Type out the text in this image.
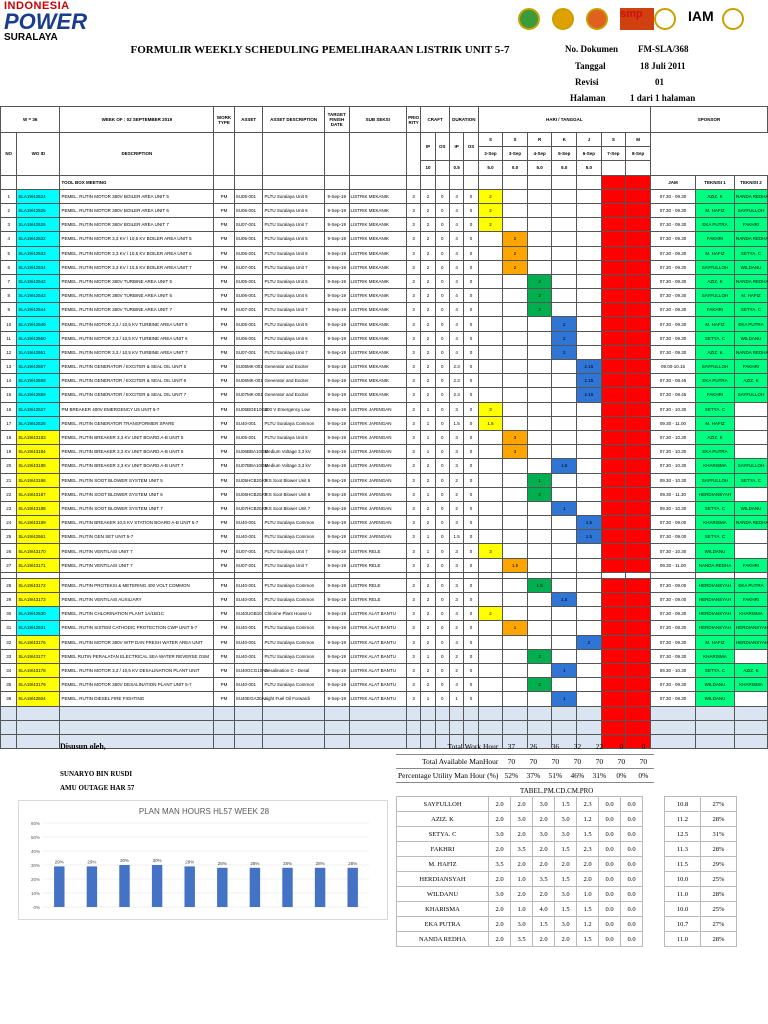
INDONESIA
POWER
SURALAYA
smp	IAM
FORMULIR WEEKLY SCHEDULING PEMELIHARAAN LISTRIK UNIT 5-7	No. Dokumen FM-SLA/368
Tanggal	18 Juli 2011
Revisi	01
Halaman	1 dari 1 halaman
W = 36		WEEK OF : 02 SEPTEMBER 2019	WORK TYPE	ASSET	ASSET DESCRIPTION	TARGET FINISH DATE	SUB SEKSI	PRIO RITY	CRAFT		DURATION		HARI / TANGGAL							SPONSOR		
NO	WO ID	DESCRIPTION							IP	OS	IP	OS	S	S	R	K	J	S	M			
													2-Sep	3-Sep	4-Sep	5-Sep	6-Sep	7-Sep	8-Sep			
									10		0.5		5.0	0.0	5.0	5.0	5.0					
		TOOL BOX MEETING																		JAM	TEKNISI 1	TEKNISI 2
1	SLA19/42524	PEMEL. RUTIN MOTOR 380V BOILER AREA UNIT 5	PM	SU05-001	PLTU Suralaya Unit 5	9-Sep-19	LISTRIK MEKANIK	3	2	0	4	0	2							07.30 - 09.30	AZIZ. K	NANDA REDHA
2	SLA19/42525	PEMEL. RUTIN MOTOR 380V BOILER AREA UNIT 6	PM	SU06-001	PLTU Suralaya Unit 6	9-Sep-19	LISTRIK MEKANIK	3	2	0	4	0	2							07.30 - 09.30	M. HAFIZ	SAYFULLOH
3	SLA19/42526	PEMEL. RUTIN MOTOR 380V BOILER AREA UNIT 7	PM	SU07-001	PLTU Suralaya Unit 7	9-Sep-19	LISTRIK MEKANIK	3	2	0	4	0	2							07.30 - 09.30	EKA PUTRA	FAKHRI
4	SLA19/42532	PEMEL. RUTIN MOTOR 3,3 KV / 10,5 KV BOILER AREA UNIT 5	PM	SU05-001	PLTU Suralaya Unit 5	9-Sep-19	LISTRIK MEKANIK	3	2	0	4	0		2						07.30 - 09.30	FAKHRI	NANDA REDHA
5	SLA19/42533	PEMEL. RUTIN MOTOR 3,3 KV / 10,5 KV BOILER AREA UNIT 6	PM	SU06-001	PLTU Suralaya Unit 6	9-Sep-19	LISTRIK MEKANIK	3	2	0	4	0		2						07.30 - 09.30	M. HAFIZ	SETYA. C
6	SLA19/42534	PEMEL. RUTIN MOTOR 3,3 KV / 10,5 KV BOILER AREA UNIT 7	PM	SU07-001	PLTU Suralaya Unit 7	9-Sep-19	LISTRIK MEKANIK	3	2	0	4	0		2						07.30 - 09.30	SAYFULLOH	WILDANU
7	SLA19/42542	PEMEL. RUTIN MOTOR 380V TURBINE AREA UNIT 5	PM	SU05-001	PLTU Suralaya Unit 5	9-Sep-19	LISTRIK MEKANIK	3	2	0	4	0			2					07.30 - 09.30	AZIZ. K	NANDA REDHA
8	SLA19/42543	PEMEL. RUTIN MOTOR 380V TURBINE AREA UNIT 6	PM	SU06-001	PLTU Suralaya Unit 6	9-Sep-19	LISTRIK MEKANIK	3	2	0	4	0			2					07.30 - 09.30	SAYFULLOH	M. HAFIZ
9	SLA19/42544	PEMEL. RUTIN MOTOR 380V TURBINE AREA UNIT 7	PM	SU07-001	PLTU Suralaya Unit 7	9-Sep-19	LISTRIK MEKANIK	3	2	0	4	0			2					07.30 - 09.30	FAKHRI	SETYA. C
10	SLA19/42549	PEMEL. RUTIN MOTOR 3,3 / 10,5 KV TURBINE AREA UNIT 5	PM	SU05-001	PLTU Suralaya Unit 5	9-Sep-19	LISTRIK MEKANIK	3	2	0	4	0				2				07.30 - 09.30	M. HAFIZ	EKA PUTRA
11	SLA19/42550	PEMEL. RUTIN MOTOR 3,3 / 10,5 KV TURBINE AREA UNIT 6	PM	SU06-001	PLTU Suralaya Unit 6	9-Sep-19	LISTRIK MEKANIK	3	2	0	4	0				2				07.30 - 09.30	SETYA. C	WILDANU
12	SLA19/42551	PEMEL. RUTIN MOTOR 3,3 / 10,5 KV TURBINE AREA UNIT 7	PM	SU07-001	PLTU Suralaya Unit 7	9-Sep-19	LISTRIK MEKANIK	3	2	0	4	0				2				07.30 - 09.30	AZIZ. K	NANDA REDHA
13	SLA19/42557	PEMEL. RUTIN GENERATOR / EXCITER & SEAL OIL UNIT 5	PM	SU05MK-001	Generator and Exciter	9-Sep-19	LISTRIK MEKANIK	3	2	0	2.3	0					2.15			09.00-10.15	SAYFULLOH	FAKHRI
14	SLA19/42558	PEMEL. RUTIN GENERATOR / EXCITER & SEAL OIL UNIT 6	PM	SU06MK-001	Generator and Exciter	9-Sep-19	LISTRIK MEKANIK	3	2	0	2.3	0					2.15			07.30 - 08.45	EKA PUTRA	AZIZ. K
15	SLA19/42559	PEMEL. RUTIN GENERATOR / EXCITER & SEAL OIL UNIT 7	PM	SU07MK-001	Generator and Exciter	9-Sep-19	LISTRIK MEKANIK	3	2	0	2.3	0					2.15			07.30 - 08.45	FAKHRI	SAYFULLOH
16	SLA19/42527	PM BREAKER 400V EMERGENCY U5 UNIT 5-7	PM	SU05BGE10GE	400 V Emergency Low	9-Sep-19	LISTRIK JARINGAN	3	1	0	3	0	3							07.30 - 10.30	SETYA. C	
17	SLA19/42528	PEMEL. RUTIN GENERATOR TRANSFORMER SPARE	PM	SU40-001	PLTU Suralaya Common	9-Sep-19	LISTRIK JARINGAN	3	1	0	1.5	0	1.5							09.30 - 11.00	M. HAFIZ	
18	SLA19/43183	PEMEL. RUTIN BREAKER 3,3 KV UNIT BOARD A-B UNIT 5	PM	SU05-001	PLTU Suralaya Unit 5	9-Sep-19	LISTRIK JARINGAN	3	1	0	3	0		3						07.30 - 10.30	AZIZ. K	
19	SLA19/43184	PEMEL. RUTIN BREAKER 3,3 KV UNIT BOARD A-B UNIT 6	PM	SU06BBA10GE	Medium Voltage 3,3 kV	9-Sep-19	LISTRIK JARINGAN	3	1	0	3	0		3						07.30 - 10.30	EKA PUTRA	
20	SLA19/43185	PEMEL. RUTIN BREAKER 3,3 KV UNIT BOARD A-B UNIT 7	PM	SU07BBA10GE	Medium Voltage 3,3 kV	9-Sep-19	LISTRIK JARINGAN	3	2	0	3	0				1.5				07.30 - 10.30	KHARISMA	SAYFULLOH
21	SLA19/43186	PEMEL. RUTIN SOOT BLOWER SYSTEM UNIT 5	PM	SU05HCB20AT	IKS Soot Blower Unit 5	9-Sep-19	LISTRIK JARINGAN	3	2	0	2	0			1					09.30 - 10.30	SAYFULLOH	SETYA. C
22	SLA19/43187	PEMEL. RUTIN SOOT BLOWER SYSTEM UNIT 6	PM	SU06HCB20AT	IKS Soot Blower Unit 6	9-Sep-19	LISTRIK JARINGAN	3	1	0	2	0			2					09.30 - 11.30	HERDIANSYAH	
23	SLA19/43188	PEMEL. RUTIN SOOT BLOWER SYSTEM UNIT 7	PM	SU07HCB20AT	IKS Soot Blower Unit 7	9-Sep-19	LISTRIK JARINGAN	3	2	0	2	0				1				09.30 - 10.30	SETYA. C	WILDANU
24	SLA19/43189	PEMEL. RUTIN BREAKER 10,5 KV STATION BOARD A-B UNIT 5-7	PM	SU40-001	PLTU Suralaya Common	9-Sep-19	LISTRIK JARINGAN	3	2	0	3	0					1.5			07.30 - 09.00	KHARISMA	NANDA REDHA
25	SLA19/42561	PEMEL. RUTIN GEN SET UNIT 5-7	PM	SU40-001	PLTU Suralaya Common	9-Sep-19	LISTRIK JARINGAN	3	1	0	1.5	0					1.5			07.30 - 09.00	SETYA. C	
26	SLA19/43170	PEMEL. RUTIN VENTILASI UNIT 7	PM	SU07-001	PLTU Suralaya Unit 7	9-Sep-19	LISTRIK RELE	3	1	0	3	0	3							07.30 - 10.30	WILDANU	
27	SLA19/43171	PEMEL. RUTIN VENTILASI UNIT 7	PM	SU07-001	PLTU Suralaya Unit 7	9-Sep-19	LISTRIK RELE	3	2	0	3	0		1.5						09.30 - 11.00	NANDA REDHA	FAKHRI

28	SLA19/43172	PEMEL. RUTIN PROTEKSI & METERING 400 VOLT COMMON	PM	SU40-001	PLTU Suralaya Common	9-Sep-19	LISTRIK RELE	3	2	0	3	0			1.5					07.30 - 09.00	HERDIANSYAH	EKA PUTRA
29	SLA19/43173	PEMEL. RUTIN VENTILASI AUXILIARY	PM	SU40-001	PLTU Suralaya Common	9-Sep-19	LISTRIK RELE	3	2	0	3	0				1.5				07.30 - 09.00	HERDIANSYAH	FAKHRI
30	SLA19/42530	PEMEL. RUTIN CHLORINATION PLANT 1A/1B/1C	PM	SU40UGB10	Chlorine Plant House U	9-Sep-19	LISTRIK ALAT BANTU	3	2	0	4	0	2							07.30 - 09.30	HERDIANSYAH	KHARISMA
31	SLA19/42531	PEMEL. RUTIN SISTEM CATHODIC PROTECTION CWP UNIT 5-7	PM	SU40-001	PLTU Suralaya Common	9-Sep-19	LISTRIK ALAT BANTU	3	2	0	2	0		1						07.30 - 08.30	HERDIANSYAH	HERDIANSYAH
32	SLA19/43176	PEMEL. RUTIN MOTOR 380V WTP DAN FRESH WATER AREA UNIT	PM	SU40-001	PLTU Suralaya Common	9-Sep-19	LISTRIK ALAT BANTU	3	2	0	4	0					2			07.30 - 09.30	M. HAFIZ	HERDIANSYAH
33	SLA19/43177	PEMEL RUTIN PERALATAN ELECTRICAL SEA WATER REVERSE OSM	PM	SU40-001	PLTU Suralaya Common	9-Sep-19	LISTRIK ALAT BANTU	3	1	0	2	0			2					07.30 - 09.30	KHARISMA	
34	SLA19/43178	PEMEL. RUTIN MOTOR 3,3 / 10,5 KV DESALINATION PLANT UNIT	PM	SU40GCG10AA	Desalination C - Desal	9-Sep-19	LISTRIK ALAT BANTU	3	2	0	2	0				1				09.30 - 10.30	SETYA. C	AZIZ. K
35	SLA19/43179	PEMEL. RUTIN MOTOR 380V DESALINATION PLANT UNIT 5-7	PM	SU40-001	PLTU Suralaya Common	9-Sep-19	LISTRIK ALAT BANTU	3	2	0	4	0			2					07.30 - 09.30	WILDANU	KHARISMA
36	SLA19/42604	PEMEL. RUTIN DIESEL FIRE FIGHTING	PM	SU40EGA30AA	Light Fuel Oil Forwardi	9-Sep-19	LISTRIK ALAT BANTU	3	1	0	1	0				1				07.30 - 08.30	WILDANU	

Disusun oleh,
SUNARYO BIN RUSDI
AMU OUTAGE HAR 57
PLAN MAN HOURS HL57 WEEK 28
0%
10%
20%
30%
40%
50%
60%
29%	29%	30%	30%	29%	28%	28%	28%	28%	28%
Total Work Hour	37	26	36	32	22	0	0
Total Available ManHour	70	70	70	70	70	70	70
Percentage Utility Man Hour (%)	52%	37%	51%	46%	31%	0%	0%
TABEL.PM.CD.CM.PRO
SAYFULLOH	2.0	2.0	3.0	1.5	2.3	0.0	0.0		10.8	27%
AZIZ. K	2.0	3.0	2.0	3.0	1.2	0.0	0.0		11.2	28%
SETYA. C	3.0	2.0	3.0	3.0	1.5	0.0	0.0		12.5	31%
FAKHRI	2.0	3.5	2.0	1.5	2.3	0.0	0.0		11.3	28%
M. HAFIZ	3.5	2.0	2.0	2.0	2.0	0.0	0.0		11.5	29%
HERDIANSYAH	2.0	1.0	3.5	1.5	2.0	0.0	0.0		10.0	25%
WILDANU	3.0	2.0	2.0	3.0	1.0	0.0	0.0		11.0	28%
KHARISMA	2.0	1.0	4.0	1.5	1.5	0.0	0.0		10.0	25%
EKA PUTRA	2.0	3.0	1.5	3.0	1.2	0.0	0.0		10.7	27%
NANDA REDHA	2.0	3.5	2.0	2.0	1.5	0.0	0.0		11.0	28%
